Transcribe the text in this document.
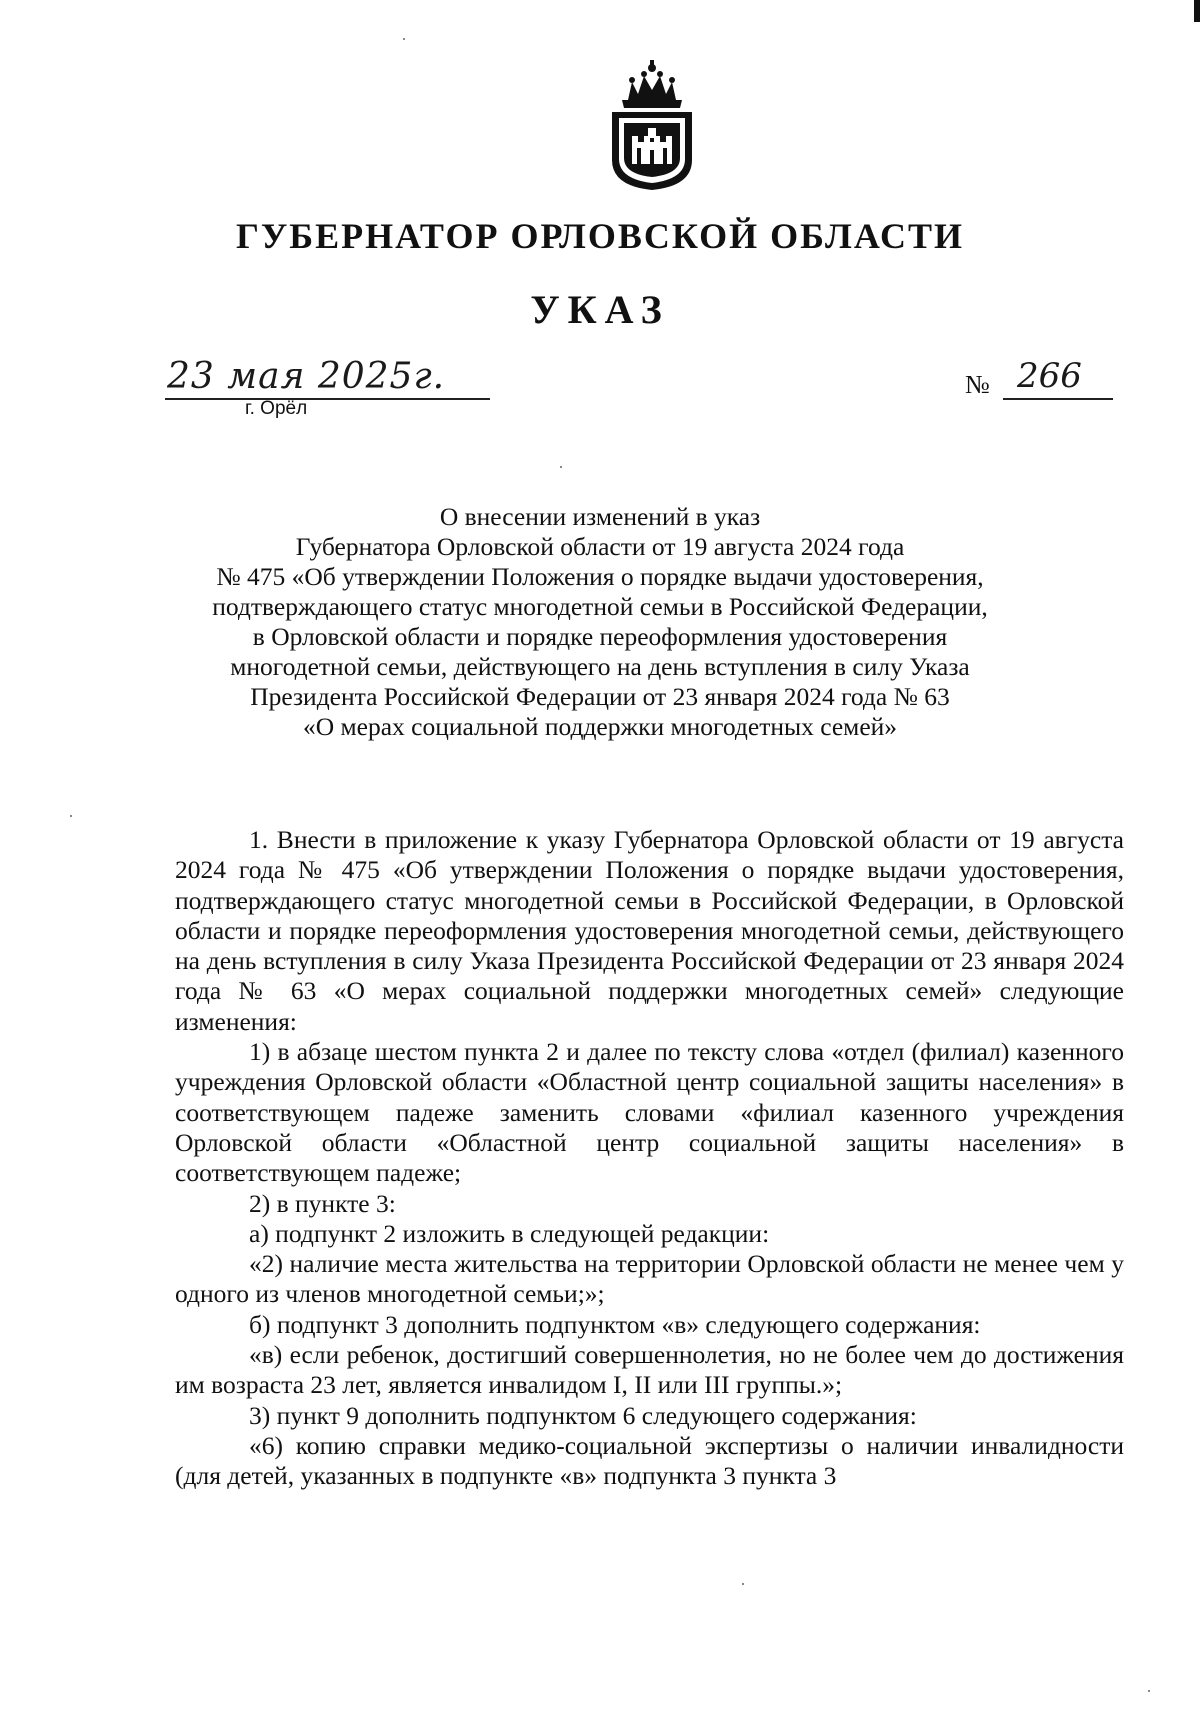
ГУБЕРНАТОР ОРЛОВСКОЙ ОБЛАСТИ
УКАЗ
23 мая 2025г.
г. Орёл
№ 266
О внесении изменений в указ
Губернатора Орловской области от 19 августа 2024 года
№ 475 «Об утверждении Положения о порядке выдачи удостоверения,
подтверждающего статус многодетной семьи в Российской Федерации,
в Орловской области и порядке переоформления удостоверения
многодетной семьи, действующего на день вступления в силу Указа
Президента Российской Федерации от 23 января 2024 года № 63
«О мерах социальной поддержки многодетных семей»

1. Внести в приложение к указу Губернатора Орловской области от 19 августа 2024 года № 475 «Об утверждении Положения о порядке выдачи удостоверения, подтверждающего статус многодетной семьи в Российской Федерации, в Орловской области и порядке переоформления удостоверения многодетной семьи, действующего на день вступления в силу Указа Президента Российской Федерации от 23 января 2024 года № 63 «О мерах социальной поддержки многодетных семей» следующие изменения:

1) в абзаце шестом пункта 2 и далее по тексту слова «отдел (филиал) казенного учреждения Орловской области «Областной центр социальной защиты населения» в соответствующем падеже заменить словами «филиал казенного учреждения Орловской области «Областной центр социальной защиты населения» в соответствующем падеже;

2) в пункте 3:

а) подпункт 2 изложить в следующей редакции:

«2) наличие места жительства на территории Орловской области не менее чем у одного из членов многодетной семьи;»;

б) подпункт 3 дополнить подпунктом «в» следующего содержания:

«в) если ребенок, достигший совершеннолетия, но не более чем до достижения им возраста 23 лет, является инвалидом I, II или III группы.»;

3) пункт 9 дополнить подпунктом 6 следующего содержания:

«6) копию справки медико-социальной экспертизы о наличии инвалидности (для детей, указанных в подпункте «в» подпункта 3 пункта 3
